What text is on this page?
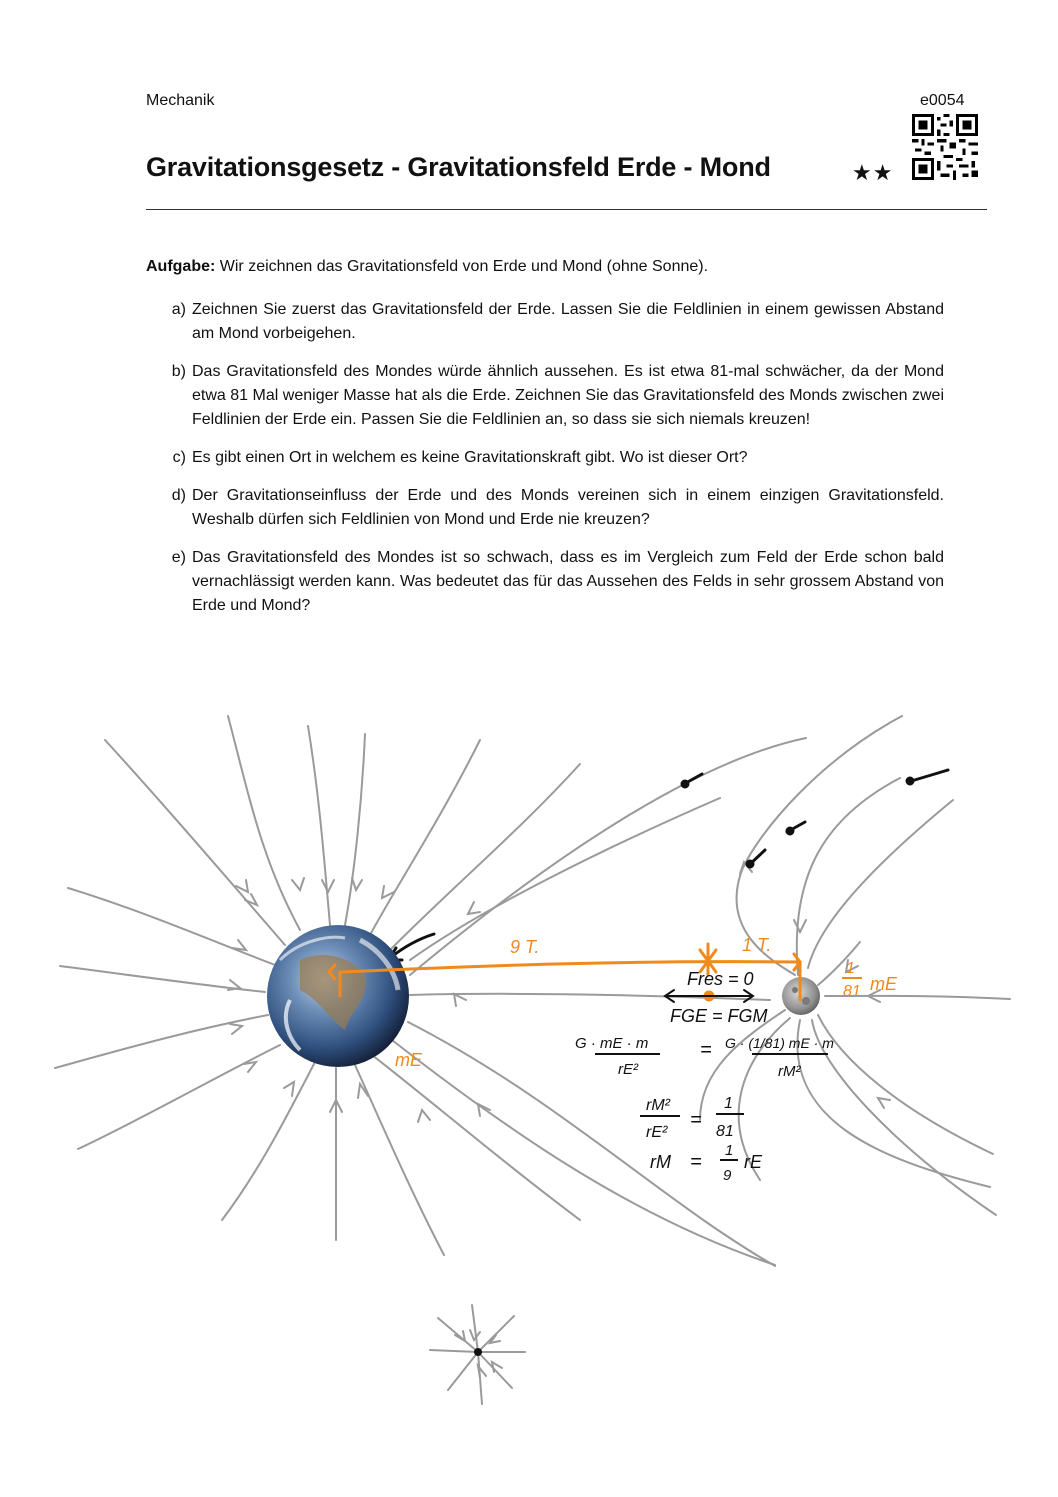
Mechanik	e0054
Gravitationsgesetz - Gravitationsfeld Erde - Mond	★★
Aufgabe: Wir zeichnen das Gravitationsfeld von Erde und Mond (ohne Sonne).
a) Zeichnen Sie zuerst das Gravitationsfeld der Erde. Lassen Sie die Feldlinien in einem gewissen Abstand am Mond vorbeigehen.
b) Das Gravitationsfeld des Mondes würde ähnlich aussehen. Es ist etwa 81-mal schwächer, da der Mond etwa 81 Mal weniger Masse hat als die Erde. Zeichnen Sie das Gravitationsfeld des Monds zwischen zwei Feldlinien der Erde ein. Passen Sie die Feldlinien an, so dass sie sich niemals kreuzen!
c) Es gibt einen Ort in welchem es keine Gravitationskraft gibt. Wo ist dieser Ort?
d) Der Gravitationseinfluss der Erde und des Monds vereinen sich in einem einzigen Gravitationsfeld. Weshalb dürfen sich Feldlinien von Mond und Erde nie kreuzen?
e) Das Gravitationsfeld des Mondes ist so schwach, dass es im Vergleich zum Feld der Erde schon bald vernachlässigt werden kann. Was bedeutet das für das Aussehen des Felds in sehr grossem Abstand von Erde und Mond?
9 T.	1 T.
mE
1
81 mE
Fres = 0
FGE = FGM
G · mE · m
rE²
= G · (1/81) mE · m
rM²
rM²
rE²
=
1
81
rM =
1
9
rE
